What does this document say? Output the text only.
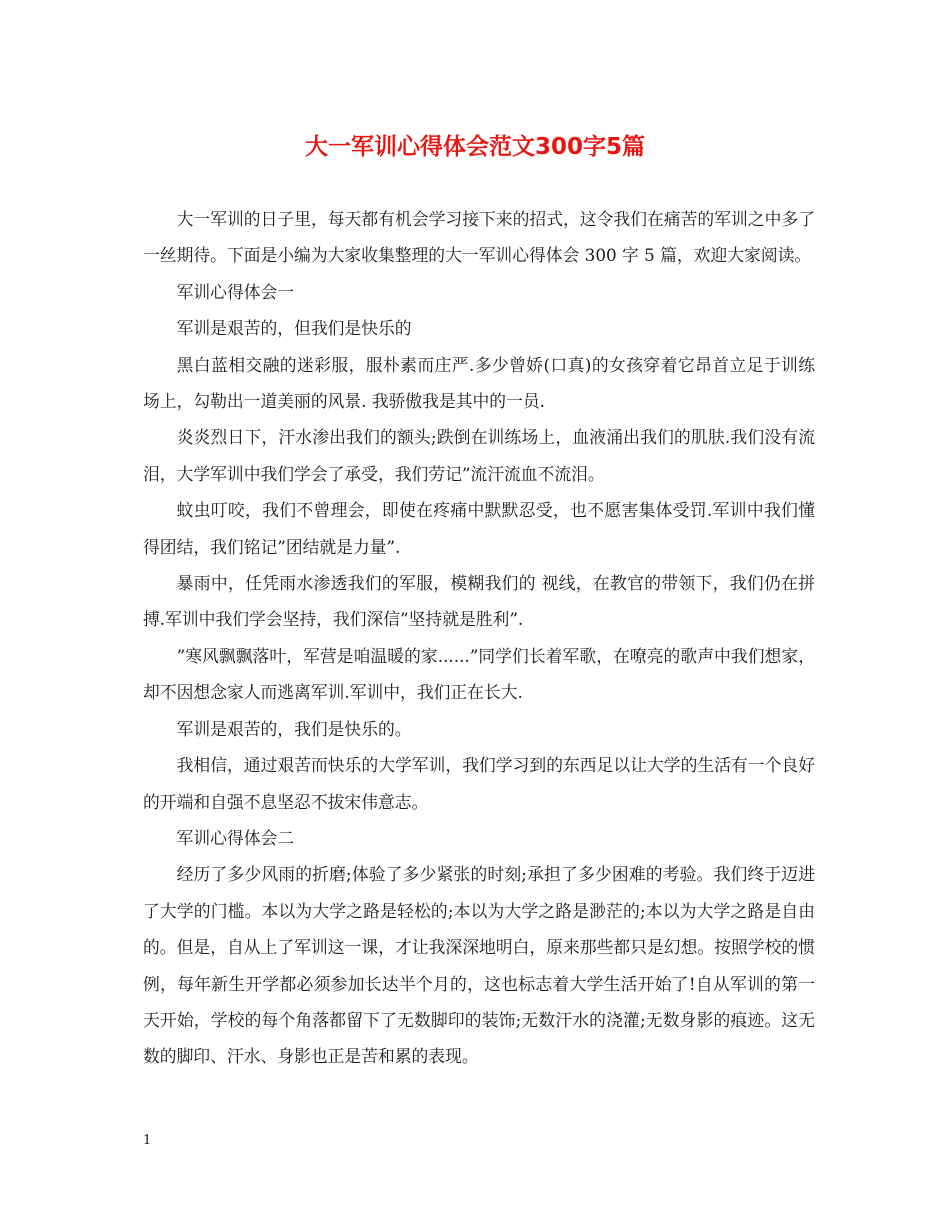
大一军训心得体会范文300字5篇

大一军训的日子里，每天都有机会学习接下来的招式，这令我们在痛苦的军训之中多了一丝期待。下面是小编为大家收集整理的大一军训心得体会 300 字 5 篇，欢迎大家阅读。

军训心得体会一

军训是艰苦的，但我们是快乐的

黑白蓝相交融的迷彩服，服朴素而庄严.多少曾娇(口真)的女孩穿着它昂首立足于训练场上，勾勒出一道美丽的风景. 我骄傲我是其中的一员.

炎炎烈日下，汗水渗出我们的额头;跌倒在训练场上，血液涌出我们的肌肤.我们没有流泪，大学军训中我们学会了承受，我们劳记”流汗流血不流泪。

蚊虫叮咬，我们不曾理会，即使在疼痛中默默忍受，也不愿害集体受罚.军训中我们懂得团结，我们铭记”团结就是力量”.

暴雨中，任凭雨水渗透我们的军服，模糊我们的 视线，在教官的带领下，我们仍在拼搏.军训中我们学会坚持，我们深信”坚持就是胜利”.

”寒风飘飘落叶，军营是咱温暖的家......”同学们长着军歌，在嘹亮的歌声中我们想家，却不因想念家人而逃离军训.军训中，我们正在长大.

军训是艰苦的，我们是快乐的。

我相信，通过艰苦而快乐的大学军训，我们学习到的东西足以让大学的生活有一个良好的开端和自强不息坚忍不拔宋伟意志。

军训心得体会二

经历了多少风雨的折磨;体验了多少紧张的时刻;承担了多少困难的考验。我们终于迈进了大学的门槛。本以为大学之路是轻松的;本以为大学之路是渺茫的;本以为大学之路是自由的。但是，自从上了军训这一课，才让我深深地明白，原来那些都只是幻想。按照学校的惯例，每年新生开学都必须参加长达半个月的，这也标志着大学生活开始了!自从军训的第一天开始，学校的每个角落都留下了无数脚印的装饰;无数汗水的浇灌;无数身影的痕迹。这无数的脚印、汗水、身影也正是苦和累的表现。

1
